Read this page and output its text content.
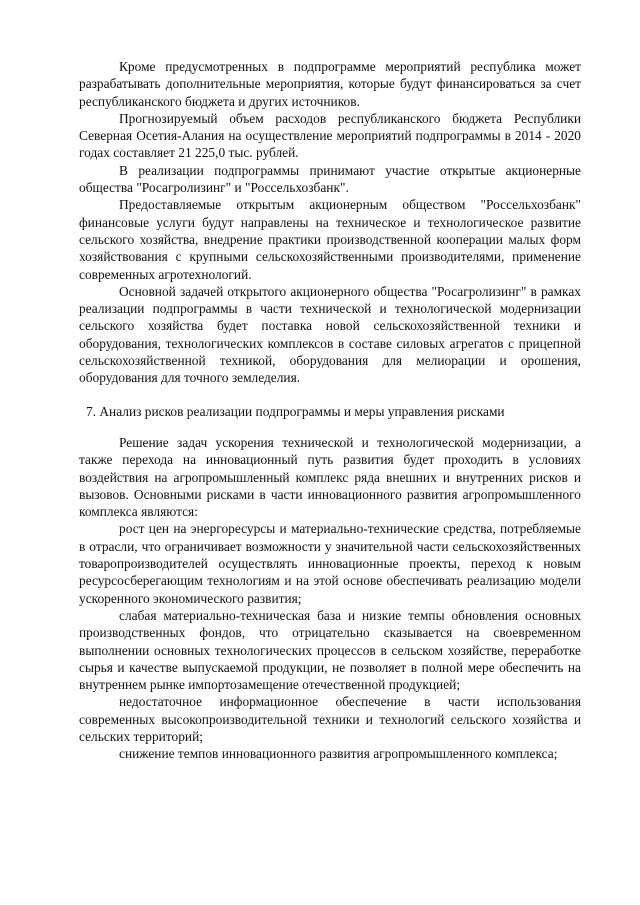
Кроме предусмотренных в подпрограмме мероприятий республика может разрабатывать дополнительные мероприятия, которые будут финансироваться за счет республиканского бюджета и других источников.

Прогнозируемый объем расходов республиканского бюджета Республики Северная Осетия-Алания на осуществление мероприятий подпрограммы в 2014 - 2020 годах составляет 21 225,0 тыс. рублей.

В реализации подпрограммы принимают участие открытые акционерные общества "Росагролизинг" и "Россельхозбанк".

Предоставляемые открытым акционерным обществом "Россельхозбанк" финансовые услуги будут направлены на техническое и технологическое развитие сельского хозяйства, внедрение практики производственной кооперации малых форм хозяйствования с крупными сельскохозяйственными производителями, применение современных агротехнологий.

Основной задачей открытого акционерного общества "Росагролизинг" в рамках реализации подпрограммы в части технической и технологической модернизации сельского хозяйства будет поставка новой сельскохозяйственной техники и оборудования, технологических комплексов в составе силовых агрегатов с прицепной сельскохозяйственной техникой, оборудования для мелиорации и орошения, оборудования для точного земледелия.

7. Анализ рисков реализации подпрограммы и меры управления рисками

Решение задач ускорения технической и технологической модернизации, а также перехода на инновационный путь развития будет проходить в условиях воздействия на агропромышленный комплекс ряда внешних и внутренних рисков и вызовов. Основными рисками в части инновационного развития агропромышленного комплекса являются:

рост цен на энергоресурсы и материально-технические средства, потребляемые в отрасли, что ограничивает возможности у значительной части сельскохозяйственных товаропроизводителей осуществлять инновационные проекты, переход к новым ресурсосберегающим технологиям и на этой основе обеспечивать реализацию модели ускоренного экономического развития;

слабая материально-техническая база и низкие темпы обновления основных производственных фондов, что отрицательно сказывается на своевременном выполнении основных технологических процессов в сельском хозяйстве, переработке сырья и качестве выпускаемой продукции, не позволяет в полной мере обеспечить на внутреннем рынке импортозамещение отечественной продукцией;

недостаточное информационное обеспечение в части использования современных высокопроизводительной техники и технологий сельского хозяйства и сельских территорий;

снижение темпов инновационного развития агропромышленного комплекса;
